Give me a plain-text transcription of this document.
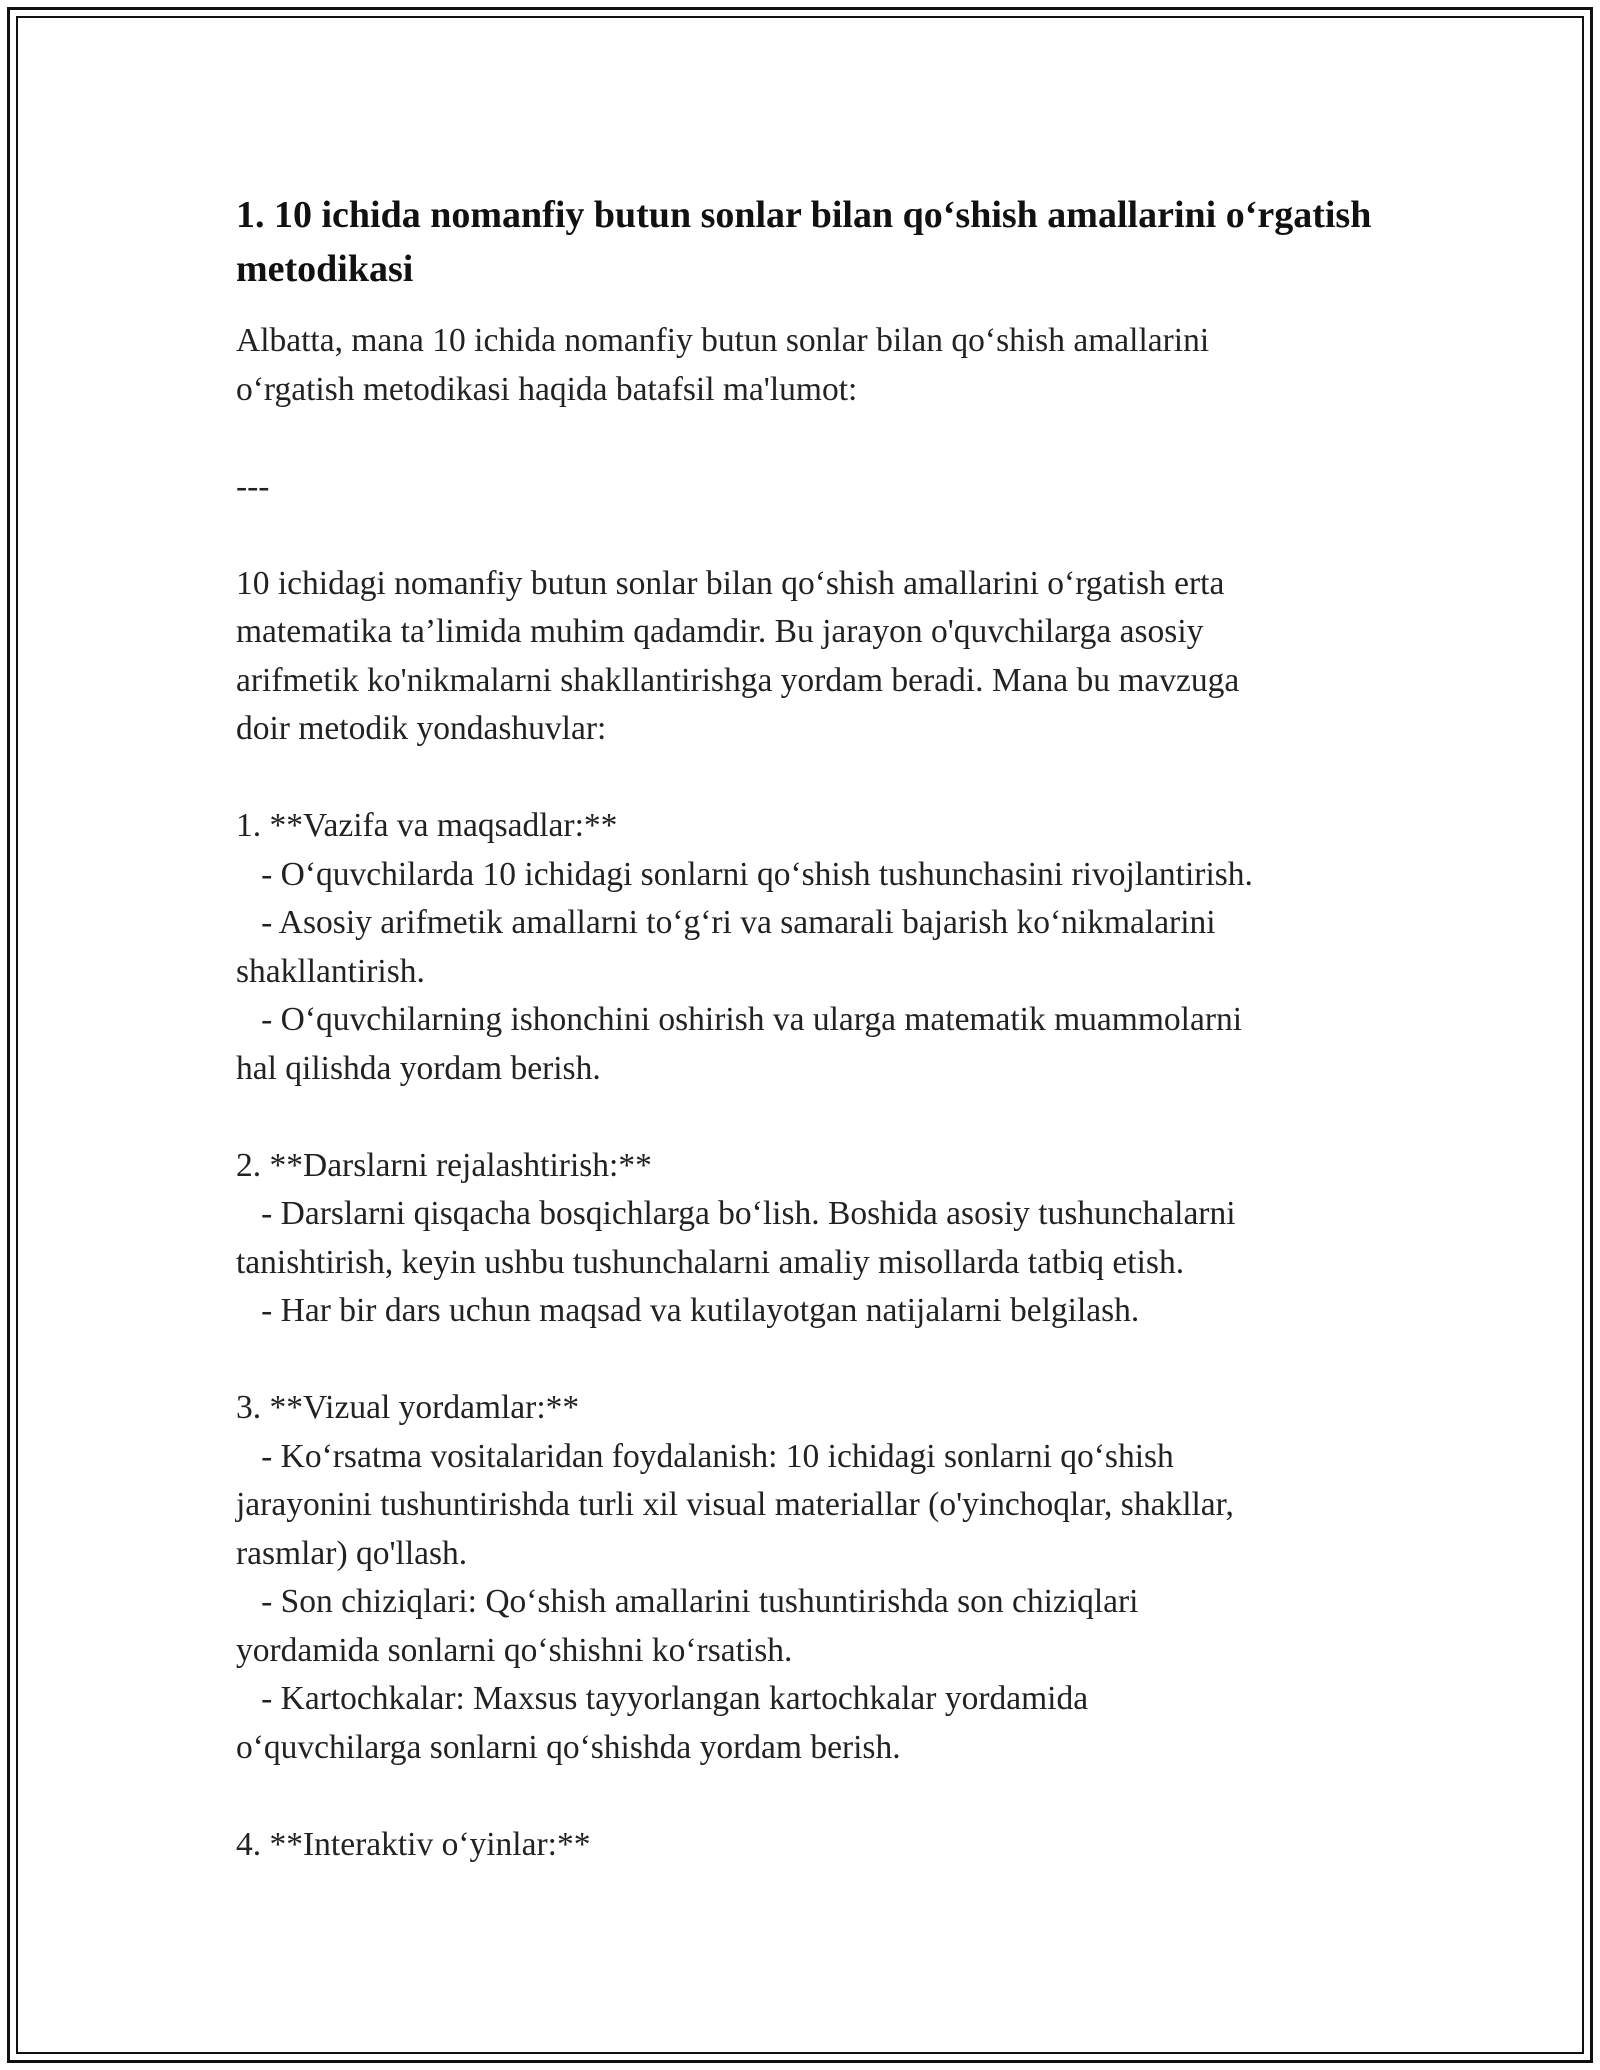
1. 10 ichida nomanfiy butun sonlar bilan qo‘shish amallarini o‘rgatish metodikasi
Albatta, mana 10 ichida nomanfiy butun sonlar bilan qo‘shish amallarini
o‘rgatish metodikasi haqida batafsil ma'lumot:
---
10 ichidagi nomanfiy butun sonlar bilan qo‘shish amallarini o‘rgatish erta
matematika ta’limida muhim qadamdir. Bu jarayon o'quvchilarga asosiy
arifmetik ko'nikmalarni shakllantirishga yordam beradi. Mana bu mavzuga
doir metodik yondashuvlar:
1. **Vazifa va maqsadlar:**
- O‘quvchilarda 10 ichidagi sonlarni qo‘shish tushunchasini rivojlantirish.
- Asosiy arifmetik amallarni to‘g‘ri va samarali bajarish ko‘nikmalarini
shakllantirish.
- O‘quvchilarning ishonchini oshirish va ularga matematik muammolarni
hal qilishda yordam berish.
2. **Darslarni rejalashtirish:**
- Darslarni qisqacha bosqichlarga bo‘lish. Boshida asosiy tushunchalarni
tanishtirish, keyin ushbu tushunchalarni amaliy misollarda tatbiq etish.
- Har bir dars uchun maqsad va kutilayotgan natijalarni belgilash.
3. **Vizual yordamlar:**
- Ko‘rsatma vositalaridan foydalanish: 10 ichidagi sonlarni qo‘shish
jarayonini tushuntirishda turli xil visual materiallar (o'yinchoqlar, shakllar,
rasmlar) qo'llash.
- Son chiziqlari: Qo‘shish amallarini tushuntirishda son chiziqlari
yordamida sonlarni qo‘shishni ko‘rsatish.
- Kartochkalar: Maxsus tayyorlangan kartochkalar yordamida
o‘quvchilarga sonlarni qo‘shishda yordam berish.
4. **Interaktiv o‘yinlar:**
